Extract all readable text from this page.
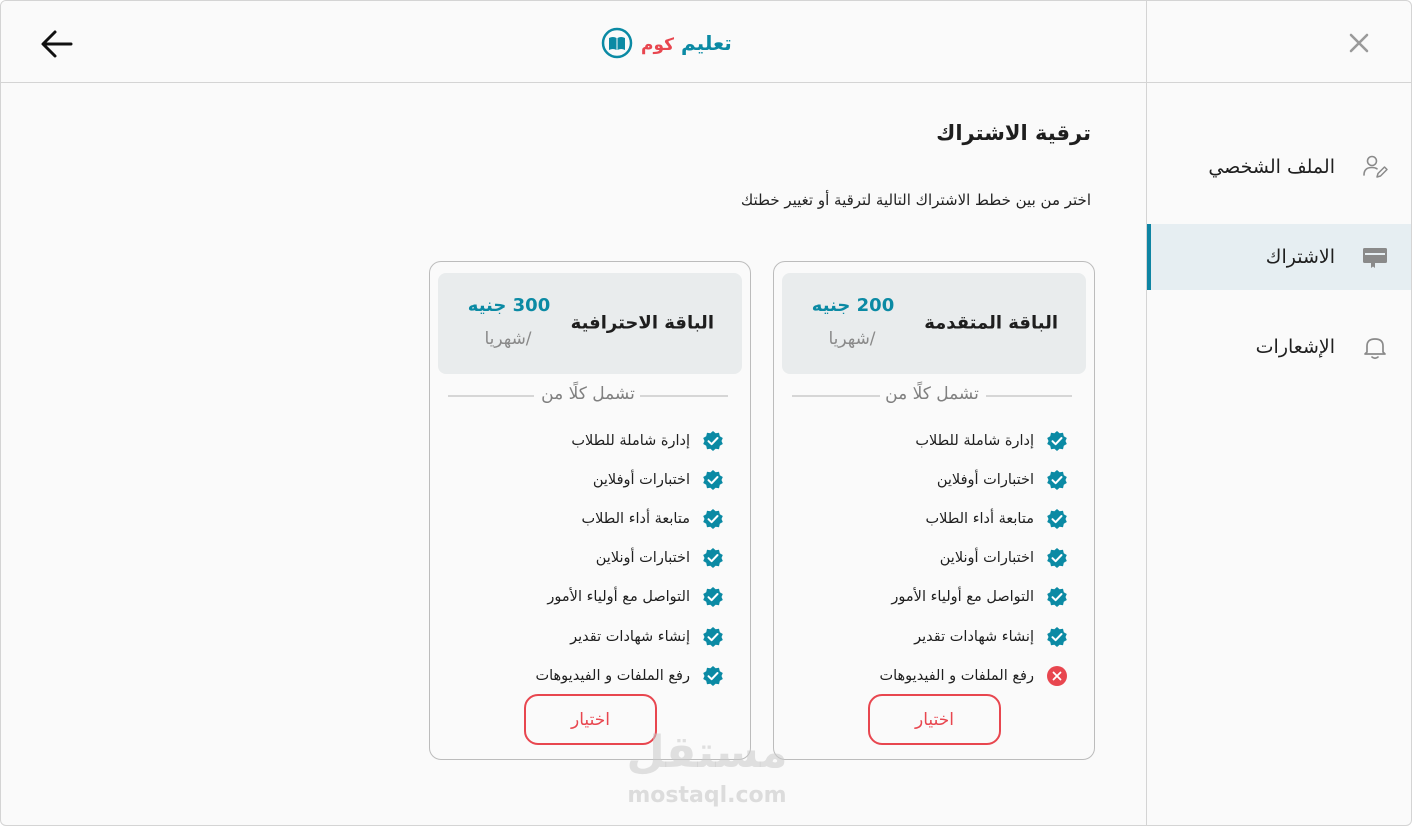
تعليم كوم
الملف الشخصي
الاشتراك
الإشعارات
ترقية الاشتراك
اختر من بين خطط الاشتراك التالية لترقية أو تغيير خطتك
الباقة المتقدمة
200 جنيه
/شهريا
تشمل كلًا من
إدارة شاملة للطلاب
اختبارات أوفلاين
متابعة أداء الطلاب
اختبارات أونلاين
التواصل مع أولياء الأمور
إنشاء شهادات تقدير
رفع الملفات و الفيديوهات
اختيار
الباقة الاحترافية
300 جنيه
/شهريا
تشمل كلًا من
إدارة شاملة للطلاب
اختبارات أوفلاين
متابعة أداء الطلاب
اختبارات أونلاين
التواصل مع أولياء الأمور
إنشاء شهادات تقدير
رفع الملفات و الفيديوهات
اختيار
مستقل
mostaql.com
